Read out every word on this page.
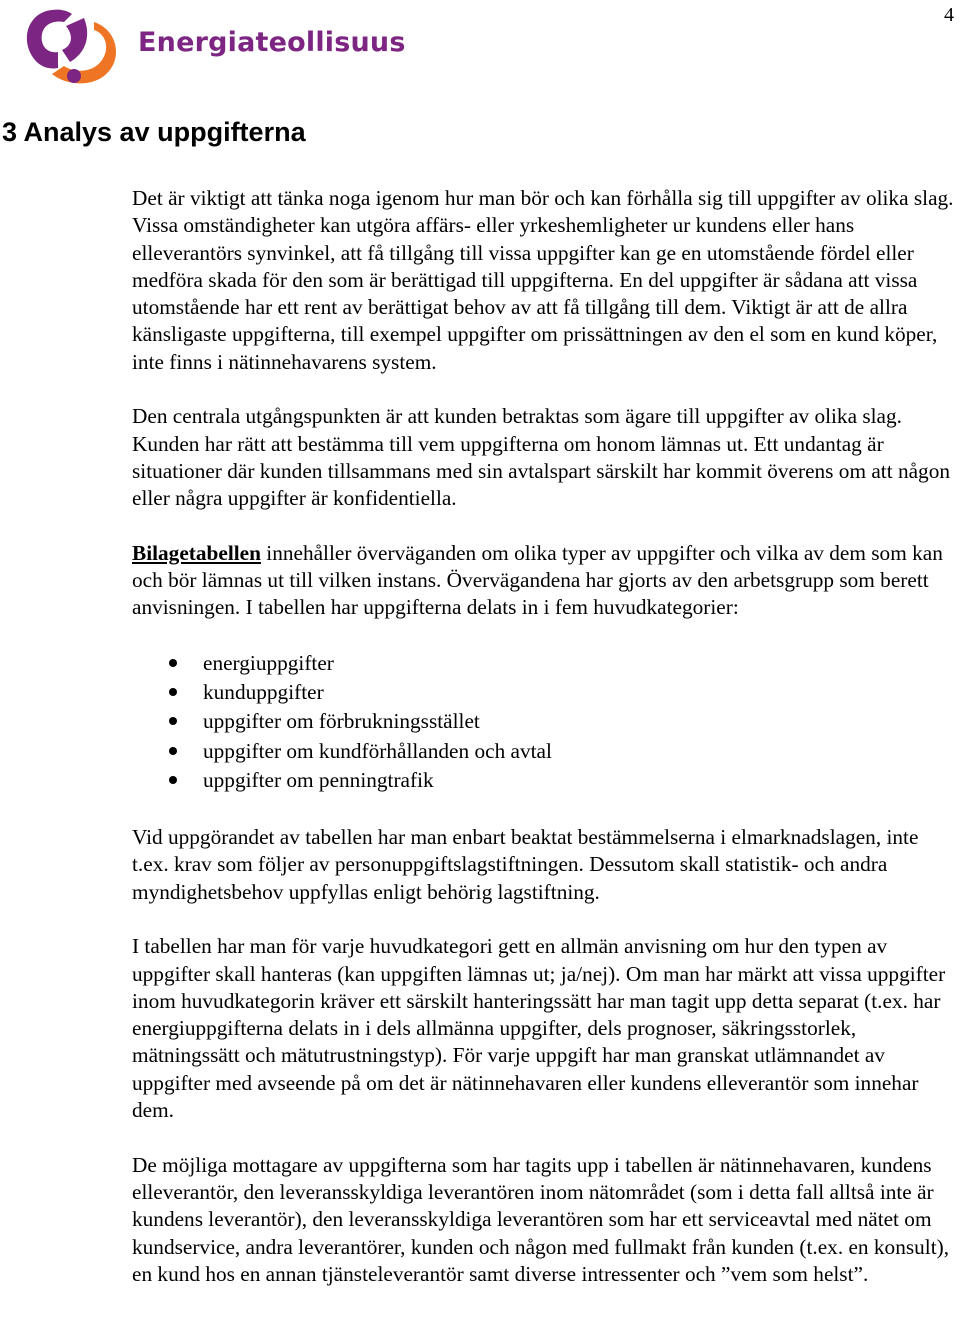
4
Energiateollisuus
3 Analys av uppgifterna

Det är viktigt att tänka noga igenom hur man bör och kan förhålla sig till uppgifter av olika slag. Vissa omständigheter kan utgöra affärs- eller yrkeshemligheter ur kundens eller hans elleverantörs synvinkel, att få tillgång till vissa uppgifter kan ge en utomstående fördel eller medföra skada för den som är berättigad till uppgifterna. En del uppgifter är sådana att vissa utomstående har ett rent av berättigat behov av att få tillgång till dem. Viktigt är att de allra känsligaste uppgifterna, till exempel uppgifter om prissättningen av den el som en kund köper, inte finns i nätinnehavarens system.

Den centrala utgångspunkten är att kunden betraktas som ägare till uppgifter av olika slag. Kunden har rätt att bestämma till vem uppgifterna om honom lämnas ut. Ett undantag är situationer där kunden tillsammans med sin avtalspart särskilt har kommit överens om att någon eller några uppgifter är konfidentiella.

Bilagetabellen innehåller överväganden om olika typer av uppgifter och vilka av dem som kan och bör lämnas ut till vilken instans. Övervägandena har gjorts av den arbetsgrupp som berett anvisningen. I tabellen har uppgifterna delats in i fem huvudkategorier:

energiuppgifter
kunduppgifter
uppgifter om förbrukningsstället
uppgifter om kundförhållanden och avtal
uppgifter om penningtrafik

Vid uppgörandet av tabellen har man enbart beaktat bestämmelserna i elmarknadslagen, inte t.ex. krav som följer av personuppgiftslagstiftningen. Dessutom skall statistik- och andra myndighetsbehov uppfyllas enligt behörig lagstiftning.

I tabellen har man för varje huvudkategori gett en allmän anvisning om hur den typen av uppgifter skall hanteras (kan uppgiften lämnas ut; ja/nej). Om man har märkt att vissa uppgifter inom huvudkategorin kräver ett särskilt hanteringssätt har man tagit upp detta separat (t.ex. har energiuppgifterna delats in i dels allmänna uppgifter, dels prognoser, säkringsstorlek, mätningssätt och mätutrustningstyp). För varje uppgift har man granskat utlämnandet av uppgifter med avseende på om det är nätinnehavaren eller kundens elleverantör som innehar dem.

De möjliga mottagare av uppgifterna som har tagits upp i tabellen är nätinnehavaren, kundens elleverantör, den leveransskyldiga leverantören inom nätområdet (som i detta fall alltså inte är kundens leverantör), den leveransskyldiga leverantören som har ett serviceavtal med nätet om kundservice, andra leverantörer, kunden och någon med fullmakt från kunden (t.ex. en konsult), en kund hos en annan tjänsteleverantör samt diverse intressenter och ”vem som helst”.
